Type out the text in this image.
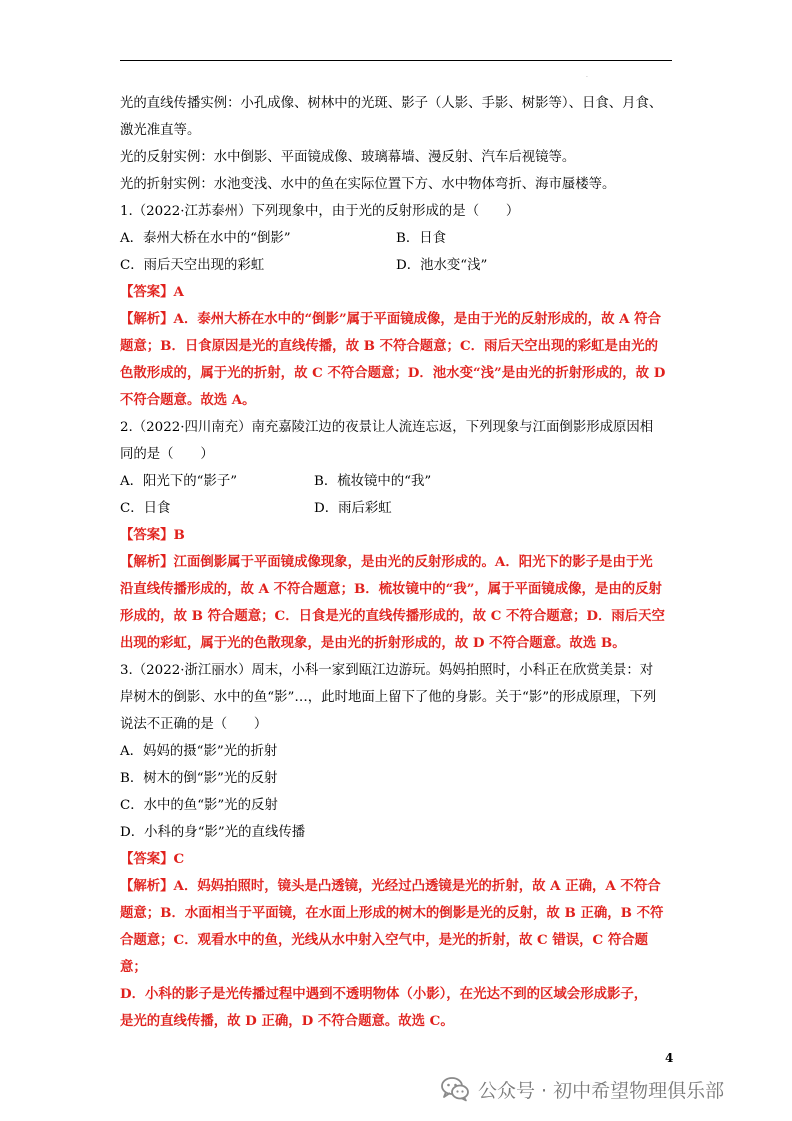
.

光的直线传播实例：小孔成像、树林中的光斑、影子（人影、手影、树影等）、日食、月食、

激光准直等。

光的反射实例：水中倒影、平面镜成像、玻璃幕墙、漫反射、汽车后视镜等。

光的折射实例：水池变浅、水中的鱼在实际位置下方、水中物体弯折、海市蜃楼等。

1.（2022·江苏泰州）下列现象中，由于光的反射形成的是（　　）

A．泰州大桥在水中的“倒影”	B．日食

C．雨后天空出现的彩虹	D．池水变“浅”

【答案】A

【解析】A．泰州大桥在水中的“倒影”属于平面镜成像，是由于光的反射形成的，故 A 符合

题意；B．日食原因是光的直线传播，故 B 不符合题意；C．雨后天空出现的彩虹是由光的

色散形成的，属于光的折射，故 C 不符合题意；D．池水变“浅”是由光的折射形成的，故 D

不符合题意。故选 A。

2.（2022·四川南充）南充嘉陵江边的夜景让人流连忘返，下列现象与江面倒影形成原因相

同的是（　　）

A．阳光下的“影子”	B．梳妆镜中的“我”

C．日食	D．雨后彩虹

【答案】B

【解析】江面倒影属于平面镜成像现象，是由光的反射形成的。A．阳光下的影子是由于光

沿直线传播形成的，故 A 不符合题意；B．梳妆镜中的“我”，属于平面镜成像，是由的反射

形成的，故 B 符合题意；C．日食是光的直线传播形成的，故 C 不符合题意；D．雨后天空

出现的彩虹，属于光的色散现象，是由光的折射形成的，故 D 不符合题意。故选 B。

3.（2022·浙江丽水）周末，小科一家到瓯江边游玩。妈妈拍照时，小科正在欣赏美景：对

岸树木的倒影、水中的鱼“影”…，此时地面上留下了他的身影。关于“影”的形成原理，下列

说法不正确的是（　　）

A．妈妈的摄“影”光的折射

B．树木的倒“影”光的反射

C．水中的鱼“影”光的反射

D．小科的身“影”光的直线传播

【答案】C

【解析】A．妈妈拍照时，镜头是凸透镜，光经过凸透镜是光的折射，故 A 正确，A 不符合

题意；B．水面相当于平面镜，在水面上形成的树木的倒影是光的反射，故 B 正确，B 不符

合题意；C．观看水中的鱼，光线从水中射入空气中，是光的折射，故 C 错误，C 符合题意；

D．小科的影子是光传播过程中遇到不透明物体（小影），在光达不到的区域会形成影子，

是光的直线传播，故 D 正确，D 不符合题意。故选 C。

4
公众号 · 初中希望物理俱乐部
